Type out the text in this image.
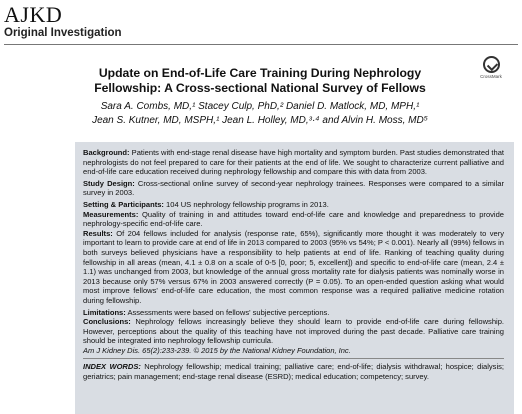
AJKD
Original Investigation
CrossMark
Update on End-of-Life Care Training During Nephrology
Fellowship: A Cross-sectional National Survey of Fellows
Sara A. Combs, MD,¹ Stacey Culp, PhD,² Daniel D. Matlock, MD, MPH,¹
Jean S. Kutner, MD, MSPH,¹ Jean L. Holley, MD,³·⁴ and Alvin H. Moss, MD⁵

Background: Patients with end-stage renal disease have high mortality and symptom burden. Past studies demonstrated that nephrologists do not feel prepared to care for their patients at the end of life. We sought to characterize current palliative and end-of-life care education received during nephrology fellowship and compare this with data from 2003.

Study Design: Cross-sectional online survey of second-year nephrology trainees. Responses were compared to a similar survey in 2003.

Setting & Participants: 104 US nephrology fellowship programs in 2013.

Measurements: Quality of training in and attitudes toward end-of-life care and knowledge and preparedness to provide nephrology-specific end-of-life care.

Results: Of 204 fellows included for analysis (response rate, 65%), significantly more thought it was moderately to very important to learn to provide care at end of life in 2013 compared to 2003 (95% vs 54%; P < 0.001). Nearly all (99%) fellows in both surveys believed physicians have a responsibility to help patients at end of life. Ranking of teaching quality during fellowship in all areas (mean, 4.1 ± 0.8 on a scale of 0-5 [0, poor; 5, excellent]) and specific to end-of-life care (mean, 2.4 ± 1.1) was unchanged from 2003, but knowledge of the annual gross mortality rate for dialysis patients was nominally worse in 2013 because only 57% versus 67% in 2003 answered correctly (P = 0.05). To an open-ended question asking what would most improve fellows' end-of-life care education, the most common response was a required palliative medicine rotation during fellowship.

Limitations: Assessments were based on fellows' subjective perceptions.

Conclusions: Nephrology fellows increasingly believe they should learn to provide end-of-life care during fellowship. However, perceptions about the quality of this teaching have not improved during the past decade. Palliative care training should be integrated into nephrology fellowship curricula.

Am J Kidney Dis. 65(2):233-239. © 2015 by the National Kidney Foundation, Inc.

INDEX WORDS: Nephrology fellowship; medical training; palliative care; end-of-life; dialysis withdrawal; hospice; dialysis; geriatrics; pain management; end-stage renal disease (ESRD); medical education; competency; survey.
